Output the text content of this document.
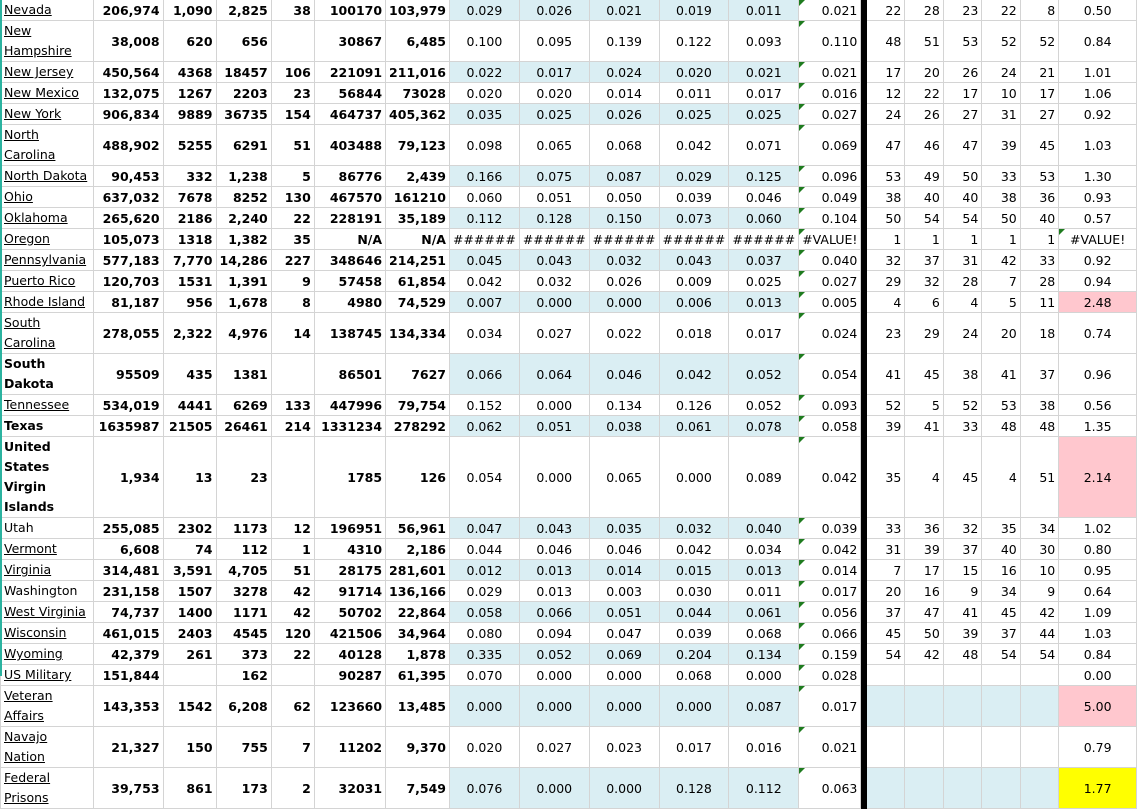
Nevada	206,974	1,090	2,825	38	100170	103,979	0.029	0.026	0.021	0.019	0.011	0.021		22	28	23	22	8	0.50
New Hampshire	38,008	620	656		30867	6,485	0.100	0.095	0.139	0.122	0.093	0.110		48	51	53	52	52	0.84
New Jersey	450,564	4368	18457	106	221091	211,016	0.022	0.017	0.024	0.020	0.021	0.021		17	20	26	24	21	1.01
New Mexico	132,075	1267	2203	23	56844	73028	0.020	0.020	0.014	0.011	0.017	0.016		12	22	17	10	17	1.06
New York	906,834	9889	36735	154	464737	405,362	0.035	0.025	0.026	0.025	0.025	0.027		24	26	27	31	27	0.92
North Carolina	488,902	5255	6291	51	403488	79,123	0.098	0.065	0.068	0.042	0.071	0.069		47	46	47	39	45	1.03
North Dakota	90,453	332	1,238	5	86776	2,439	0.166	0.075	0.087	0.029	0.125	0.096		53	49	50	33	53	1.30
Ohio	637,032	7678	8252	130	467570	161210	0.060	0.051	0.050	0.039	0.046	0.049		38	40	40	38	36	0.93
Oklahoma	265,620	2186	2,240	22	228191	35,189	0.112	0.128	0.150	0.073	0.060	0.104		50	54	54	50	40	0.57
Oregon	105,073	1318	1,382	35	N/A	N/A	######	######	######	######	######	#VALUE!		1	1	1	1	1	#VALUE!
Pennsylvania	577,183	7,770	14,286	227	348646	214,251	0.045	0.043	0.032	0.043	0.037	0.040		32	37	31	42	33	0.92
Puerto Rico	120,703	1531	1,391	9	57458	61,854	0.042	0.032	0.026	0.009	0.025	0.027		29	32	28	7	28	0.94
Rhode Island	81,187	956	1,678	8	4980	74,529	0.007	0.000	0.000	0.006	0.013	0.005		4	6	4	5	11	2.48
South Carolina	278,055	2,322	4,976	14	138745	134,334	0.034	0.027	0.022	0.018	0.017	0.024		23	29	24	20	18	0.74
South Dakota	95509	435	1381		86501	7627	0.066	0.064	0.046	0.042	0.052	0.054		41	45	38	41	37	0.96
Tennessee	534,019	4441	6269	133	447996	79,754	0.152	0.000	0.134	0.126	0.052	0.093		52	5	52	53	38	0.56
Texas	1635987	21505	26461	214	1331234	278292	0.062	0.051	0.038	0.061	0.078	0.058		39	41	33	48	48	1.35
United States Virgin Islands	1,934	13	23		1785	126	0.054	0.000	0.065	0.000	0.089	0.042		35	4	45	4	51	2.14
Utah	255,085	2302	1173	12	196951	56,961	0.047	0.043	0.035	0.032	0.040	0.039		33	36	32	35	34	1.02
Vermont	6,608	74	112	1	4310	2,186	0.044	0.046	0.046	0.042	0.034	0.042		31	39	37	40	30	0.80
Virginia	314,481	3,591	4,705	51	28175	281,601	0.012	0.013	0.014	0.015	0.013	0.014		7	17	15	16	10	0.95
Washington	231,158	1507	3278	42	91714	136,166	0.029	0.013	0.003	0.030	0.011	0.017		20	16	9	34	9	0.64
West Virginia	74,737	1400	1171	42	50702	22,864	0.058	0.066	0.051	0.044	0.061	0.056		37	47	41	45	42	1.09
Wisconsin	461,015	2403	4545	120	421506	34,964	0.080	0.094	0.047	0.039	0.068	0.066		45	50	39	37	44	1.03
Wyoming	42,379	261	373	22	40128	1,878	0.335	0.052	0.069	0.204	0.134	0.159		54	42	48	54	54	0.84
US Military	151,844		162		90287	61,395	0.070	0.000	0.000	0.068	0.000	0.028							0.00
Veteran Affairs	143,353	1542	6,208	62	123660	13,485	0.000	0.000	0.000	0.000	0.087	0.017							5.00
Navajo Nation	21,327	150	755	7	11202	9,370	0.020	0.027	0.023	0.017	0.016	0.021							0.79
Federal Prisons	39,753	861	173	2	32031	7,549	0.076	0.000	0.000	0.128	0.112	0.063							1.77
